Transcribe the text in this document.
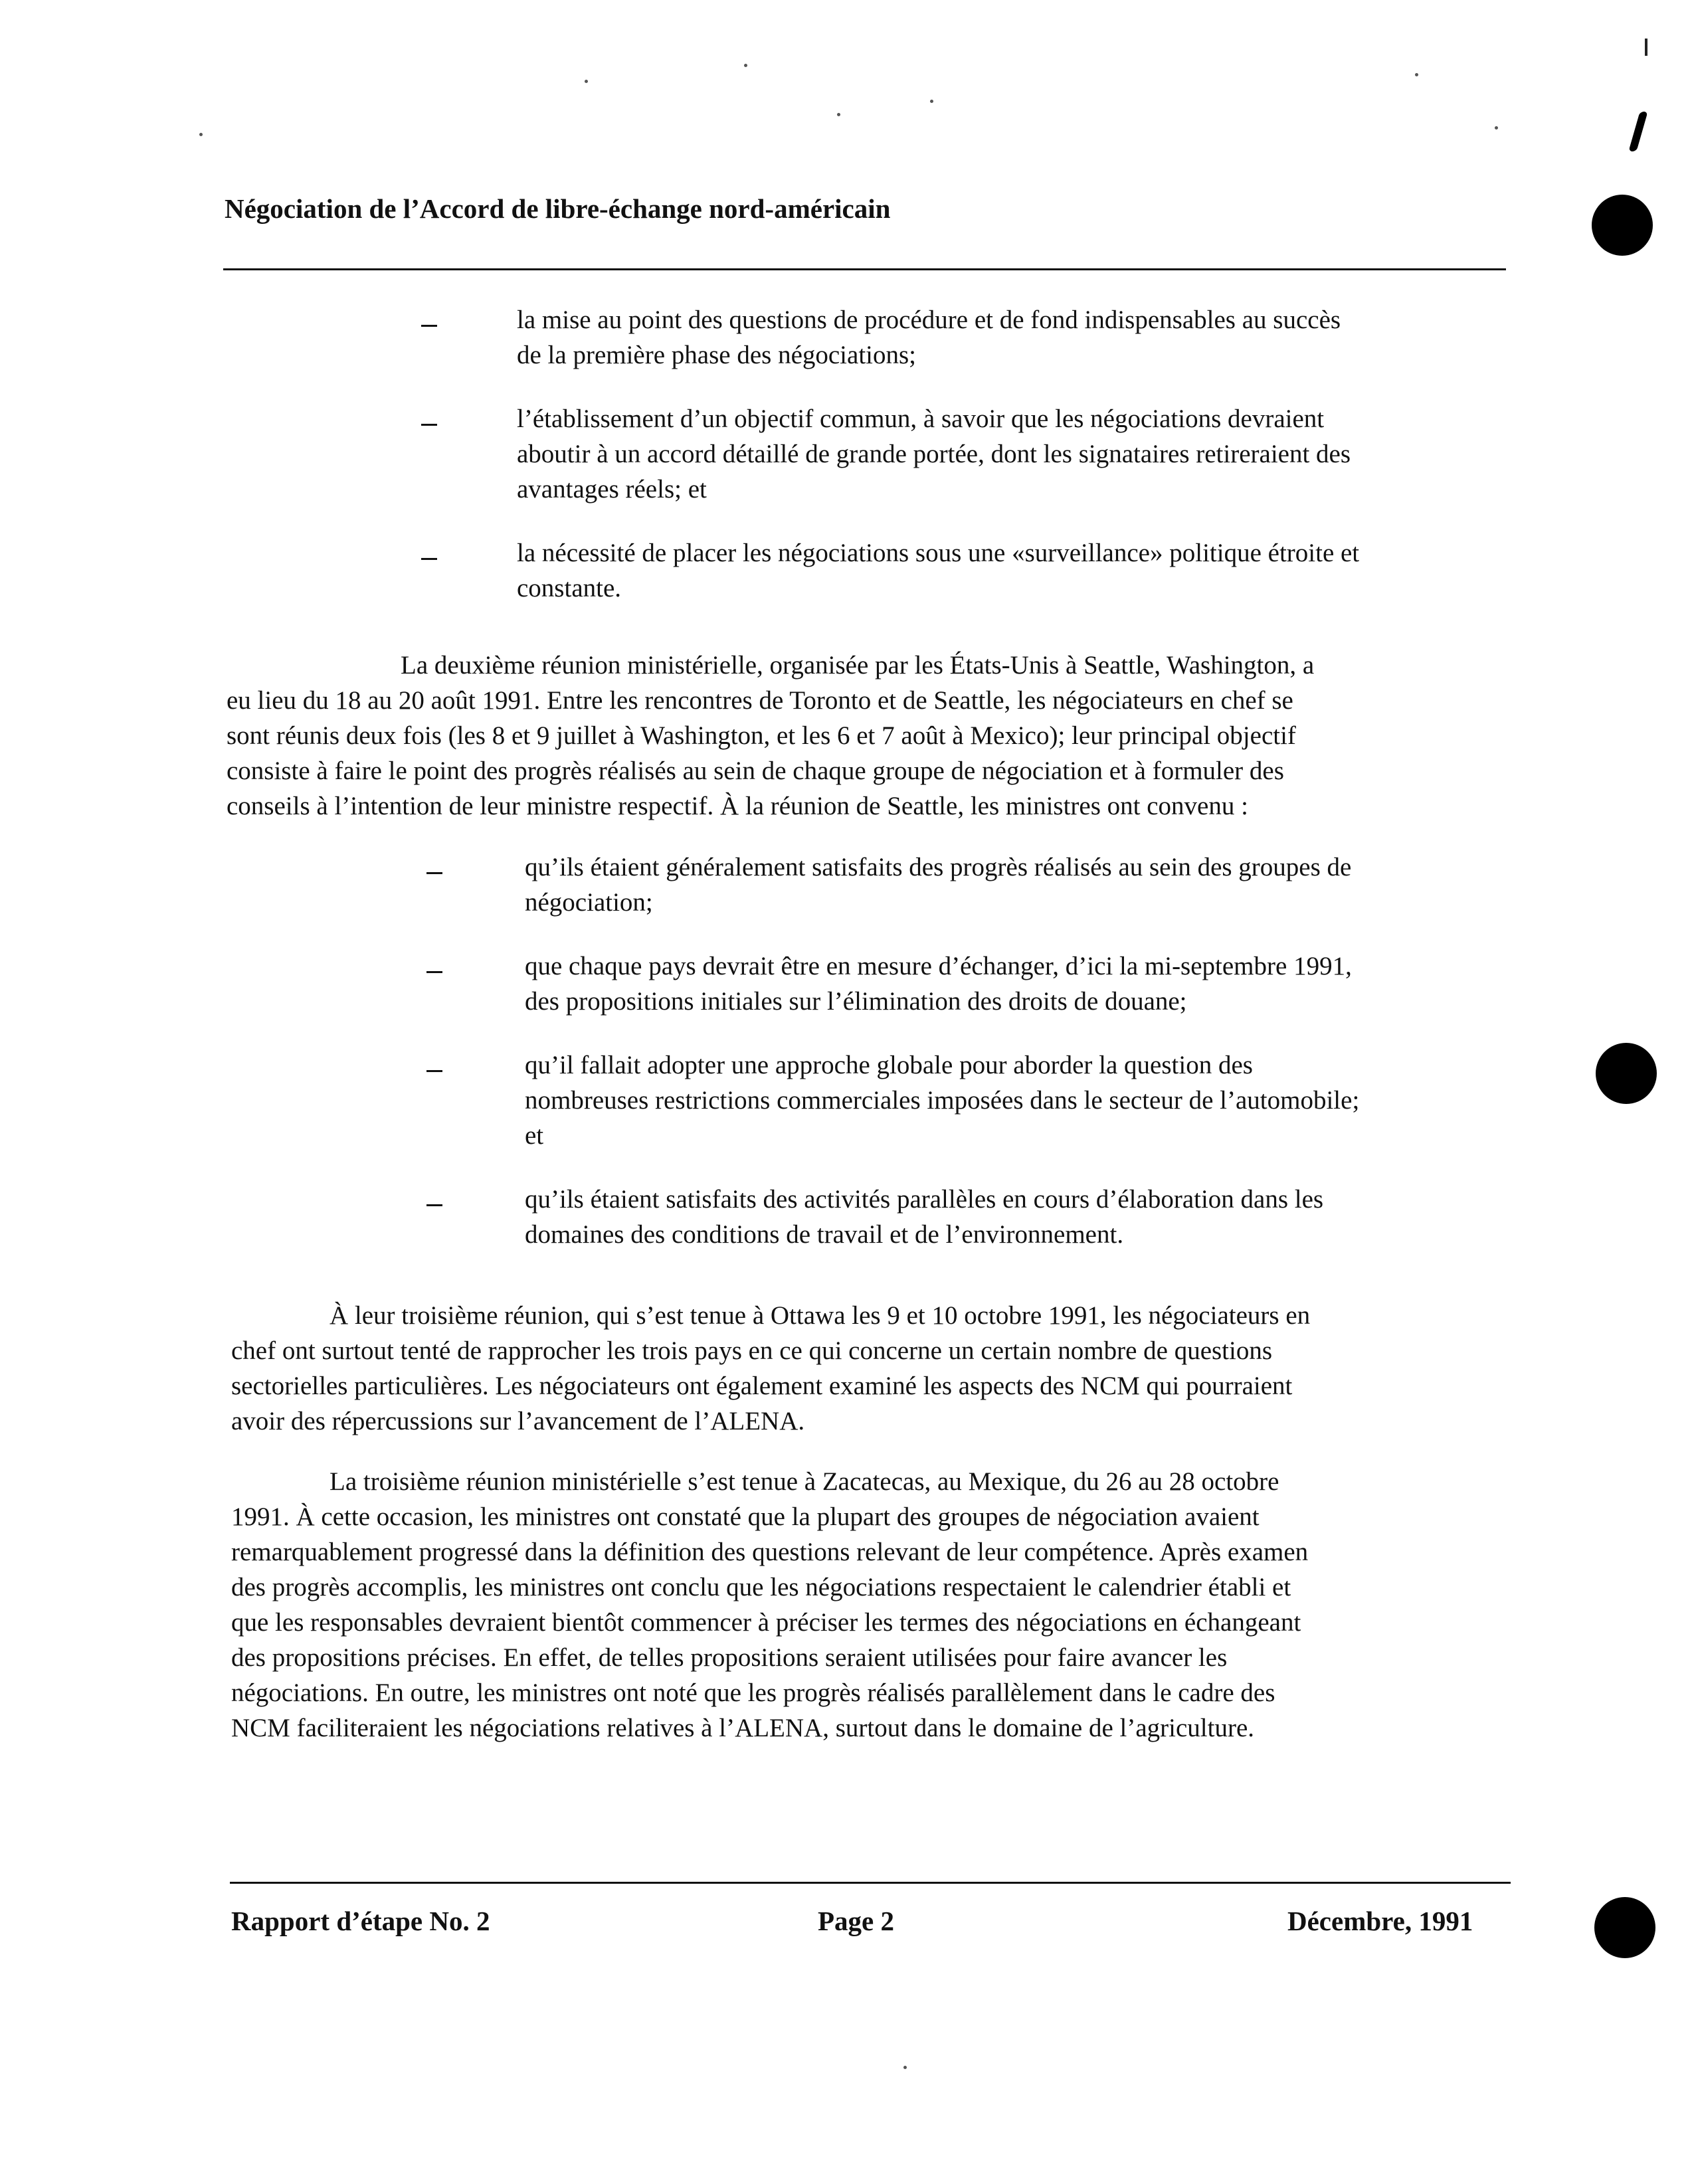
Négociation de l’Accord de libre-échange nord-américain
la mise au point des questions de procédure et de fond indispensables au succès
de la première phase des négociations;
l’établissement d’un objectif commun, à savoir que les négociations devraient
aboutir à un accord détaillé de grande portée, dont les signataires retireraient des
avantages réels; et
la nécessité de placer les négociations sous une «surveillance» politique étroite et
constante.
La deuxième réunion ministérielle, organisée par les États-Unis à Seattle, Washington, a
eu lieu du 18 au 20 août 1991. Entre les rencontres de Toronto et de Seattle, les négociateurs en chef se
sont réunis deux fois (les 8 et 9 juillet à Washington, et les 6 et 7 août à Mexico); leur principal objectif
consiste à faire le point des progrès réalisés au sein de chaque groupe de négociation et à formuler des
conseils à l’intention de leur ministre respectif. À la réunion de Seattle, les ministres ont convenu :
qu’ils étaient généralement satisfaits des progrès réalisés au sein des groupes de
négociation;
que chaque pays devrait être en mesure d’échanger, d’ici la mi-septembre 1991,
des propositions initiales sur l’élimination des droits de douane;
qu’il fallait adopter une approche globale pour aborder la question des
nombreuses restrictions commerciales imposées dans le secteur de l’automobile;
et
qu’ils étaient satisfaits des activités parallèles en cours d’élaboration dans les
domaines des conditions de travail et de l’environnement.
À leur troisième réunion, qui s’est tenue à Ottawa les 9 et 10 octobre 1991, les négociateurs en
chef ont surtout tenté de rapprocher les trois pays en ce qui concerne un certain nombre de questions
sectorielles particulières. Les négociateurs ont également examiné les aspects des NCM qui pourraient
avoir des répercussions sur l’avancement de l’ALENA.
La troisième réunion ministérielle s’est tenue à Zacatecas, au Mexique, du 26 au 28 octobre
1991. À cette occasion, les ministres ont constaté que la plupart des groupes de négociation avaient
remarquablement progressé dans la définition des questions relevant de leur compétence. Après examen
des progrès accomplis, les ministres ont conclu que les négociations respectaient le calendrier établi et
que les responsables devraient bientôt commencer à préciser les termes des négociations en échangeant
des propositions précises. En effet, de telles propositions seraient utilisées pour faire avancer les
négociations. En outre, les ministres ont noté que les progrès réalisés parallèlement dans le cadre des
NCM faciliteraient les négociations relatives à l’ALENA, surtout dans le domaine de l’agriculture.
Rapport d’étape No. 2	Page 2	Décembre, 1991
